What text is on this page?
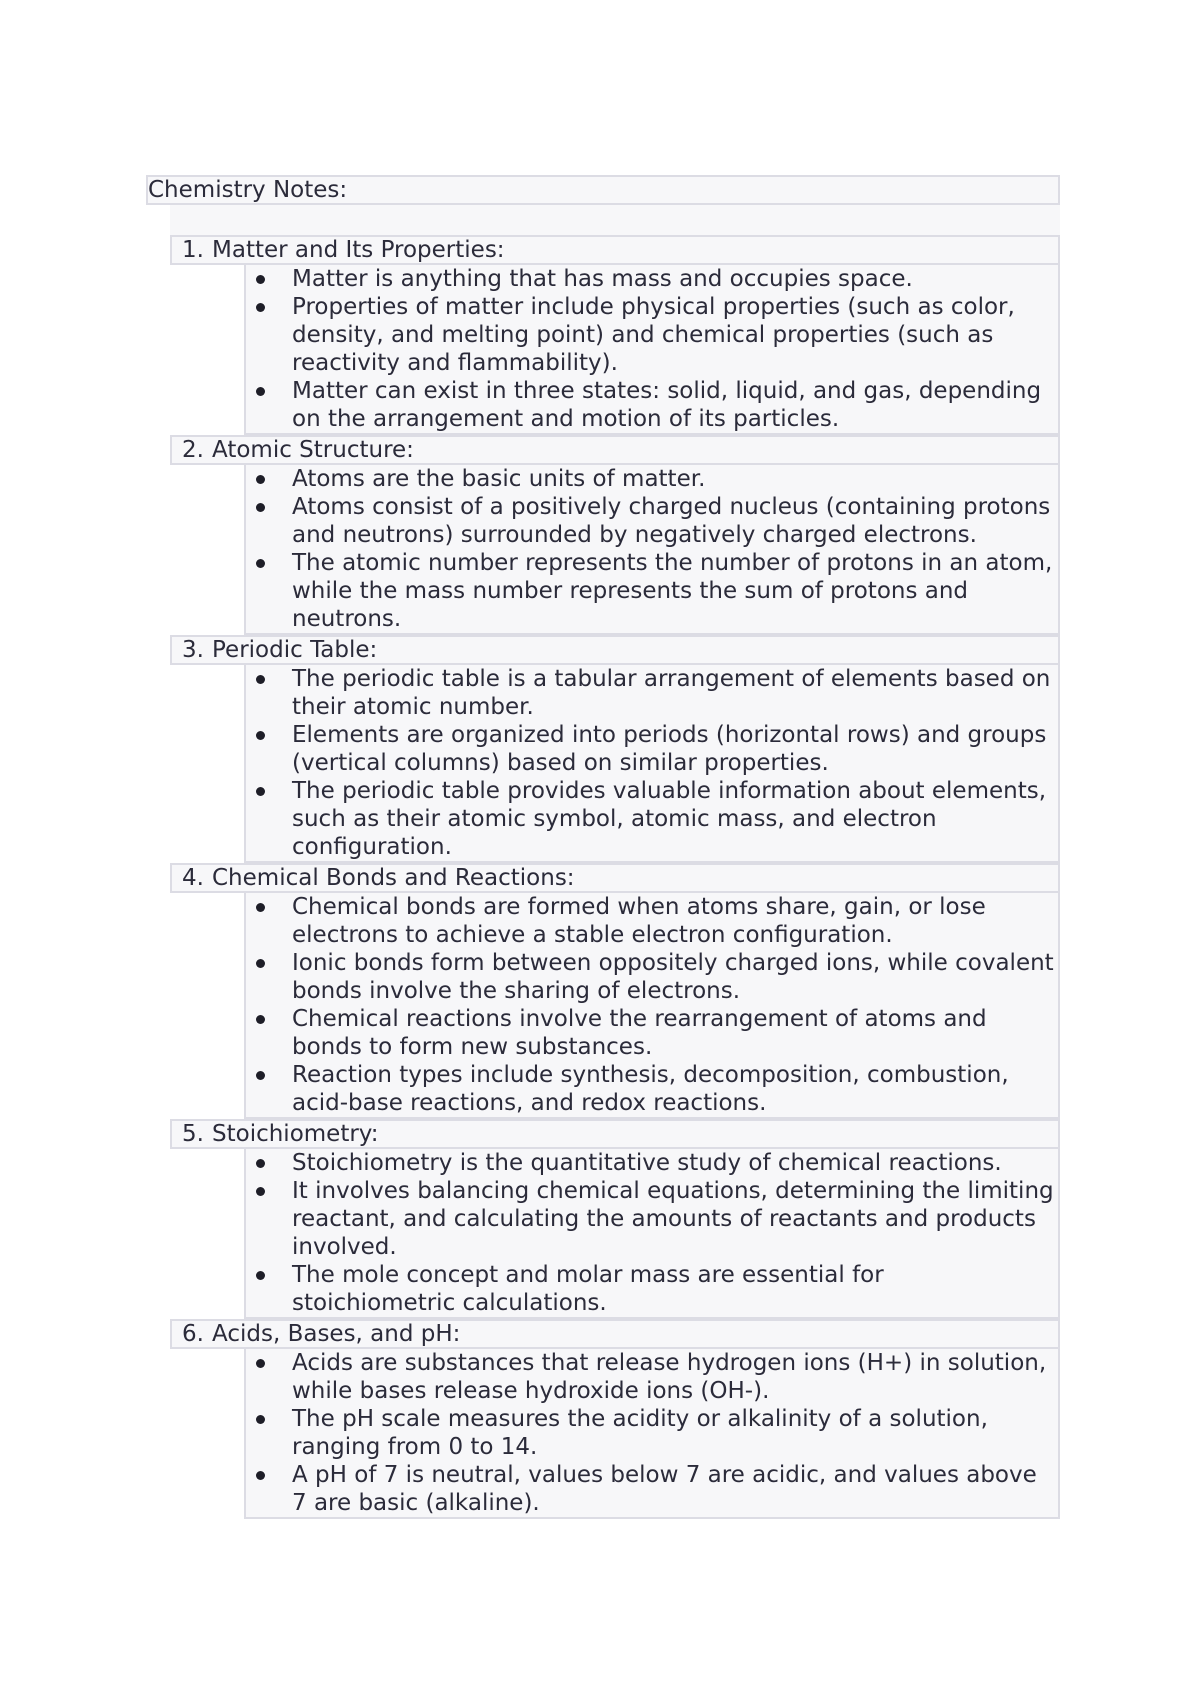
Chemistry Notes:
1. Matter and Its Properties:
Matter is anything that has mass and occupies space.
Properties of matter include physical properties (such as color, density, and melting point) and chemical properties (such as reactivity and flammability).
Matter can exist in three states: solid, liquid, and gas, depending on the arrangement and motion of its particles.
2. Atomic Structure:
Atoms are the basic units of matter.
Atoms consist of a positively charged nucleus (containing protons and neutrons) surrounded by negatively charged electrons.
The atomic number represents the number of protons in an atom, while the mass number represents the sum of protons and neutrons.
3. Periodic Table:
The periodic table is a tabular arrangement of elements based on their atomic number.
Elements are organized into periods (horizontal rows) and groups (vertical columns) based on similar properties.
The periodic table provides valuable information about elements, such as their atomic symbol, atomic mass, and electron configuration.
4. Chemical Bonds and Reactions:
Chemical bonds are formed when atoms share, gain, or lose electrons to achieve a stable electron configuration.
Ionic bonds form between oppositely charged ions, while covalent bonds involve the sharing of electrons.
Chemical reactions involve the rearrangement of atoms and bonds to form new substances.
Reaction types include synthesis, decomposition, combustion, acid-base reactions, and redox reactions.
5. Stoichiometry:
Stoichiometry is the quantitative study of chemical reactions.
It involves balancing chemical equations, determining the limiting reactant, and calculating the amounts of reactants and products involved.
The mole concept and molar mass are essential for stoichiometric calculations.
6. Acids, Bases, and pH:
Acids are substances that release hydrogen ions (H+) in solution, while bases release hydroxide ions (OH-).
The pH scale measures the acidity or alkalinity of a solution, ranging from 0 to 14.
A pH of 7 is neutral, values below 7 are acidic, and values above 7 are basic (alkaline).
